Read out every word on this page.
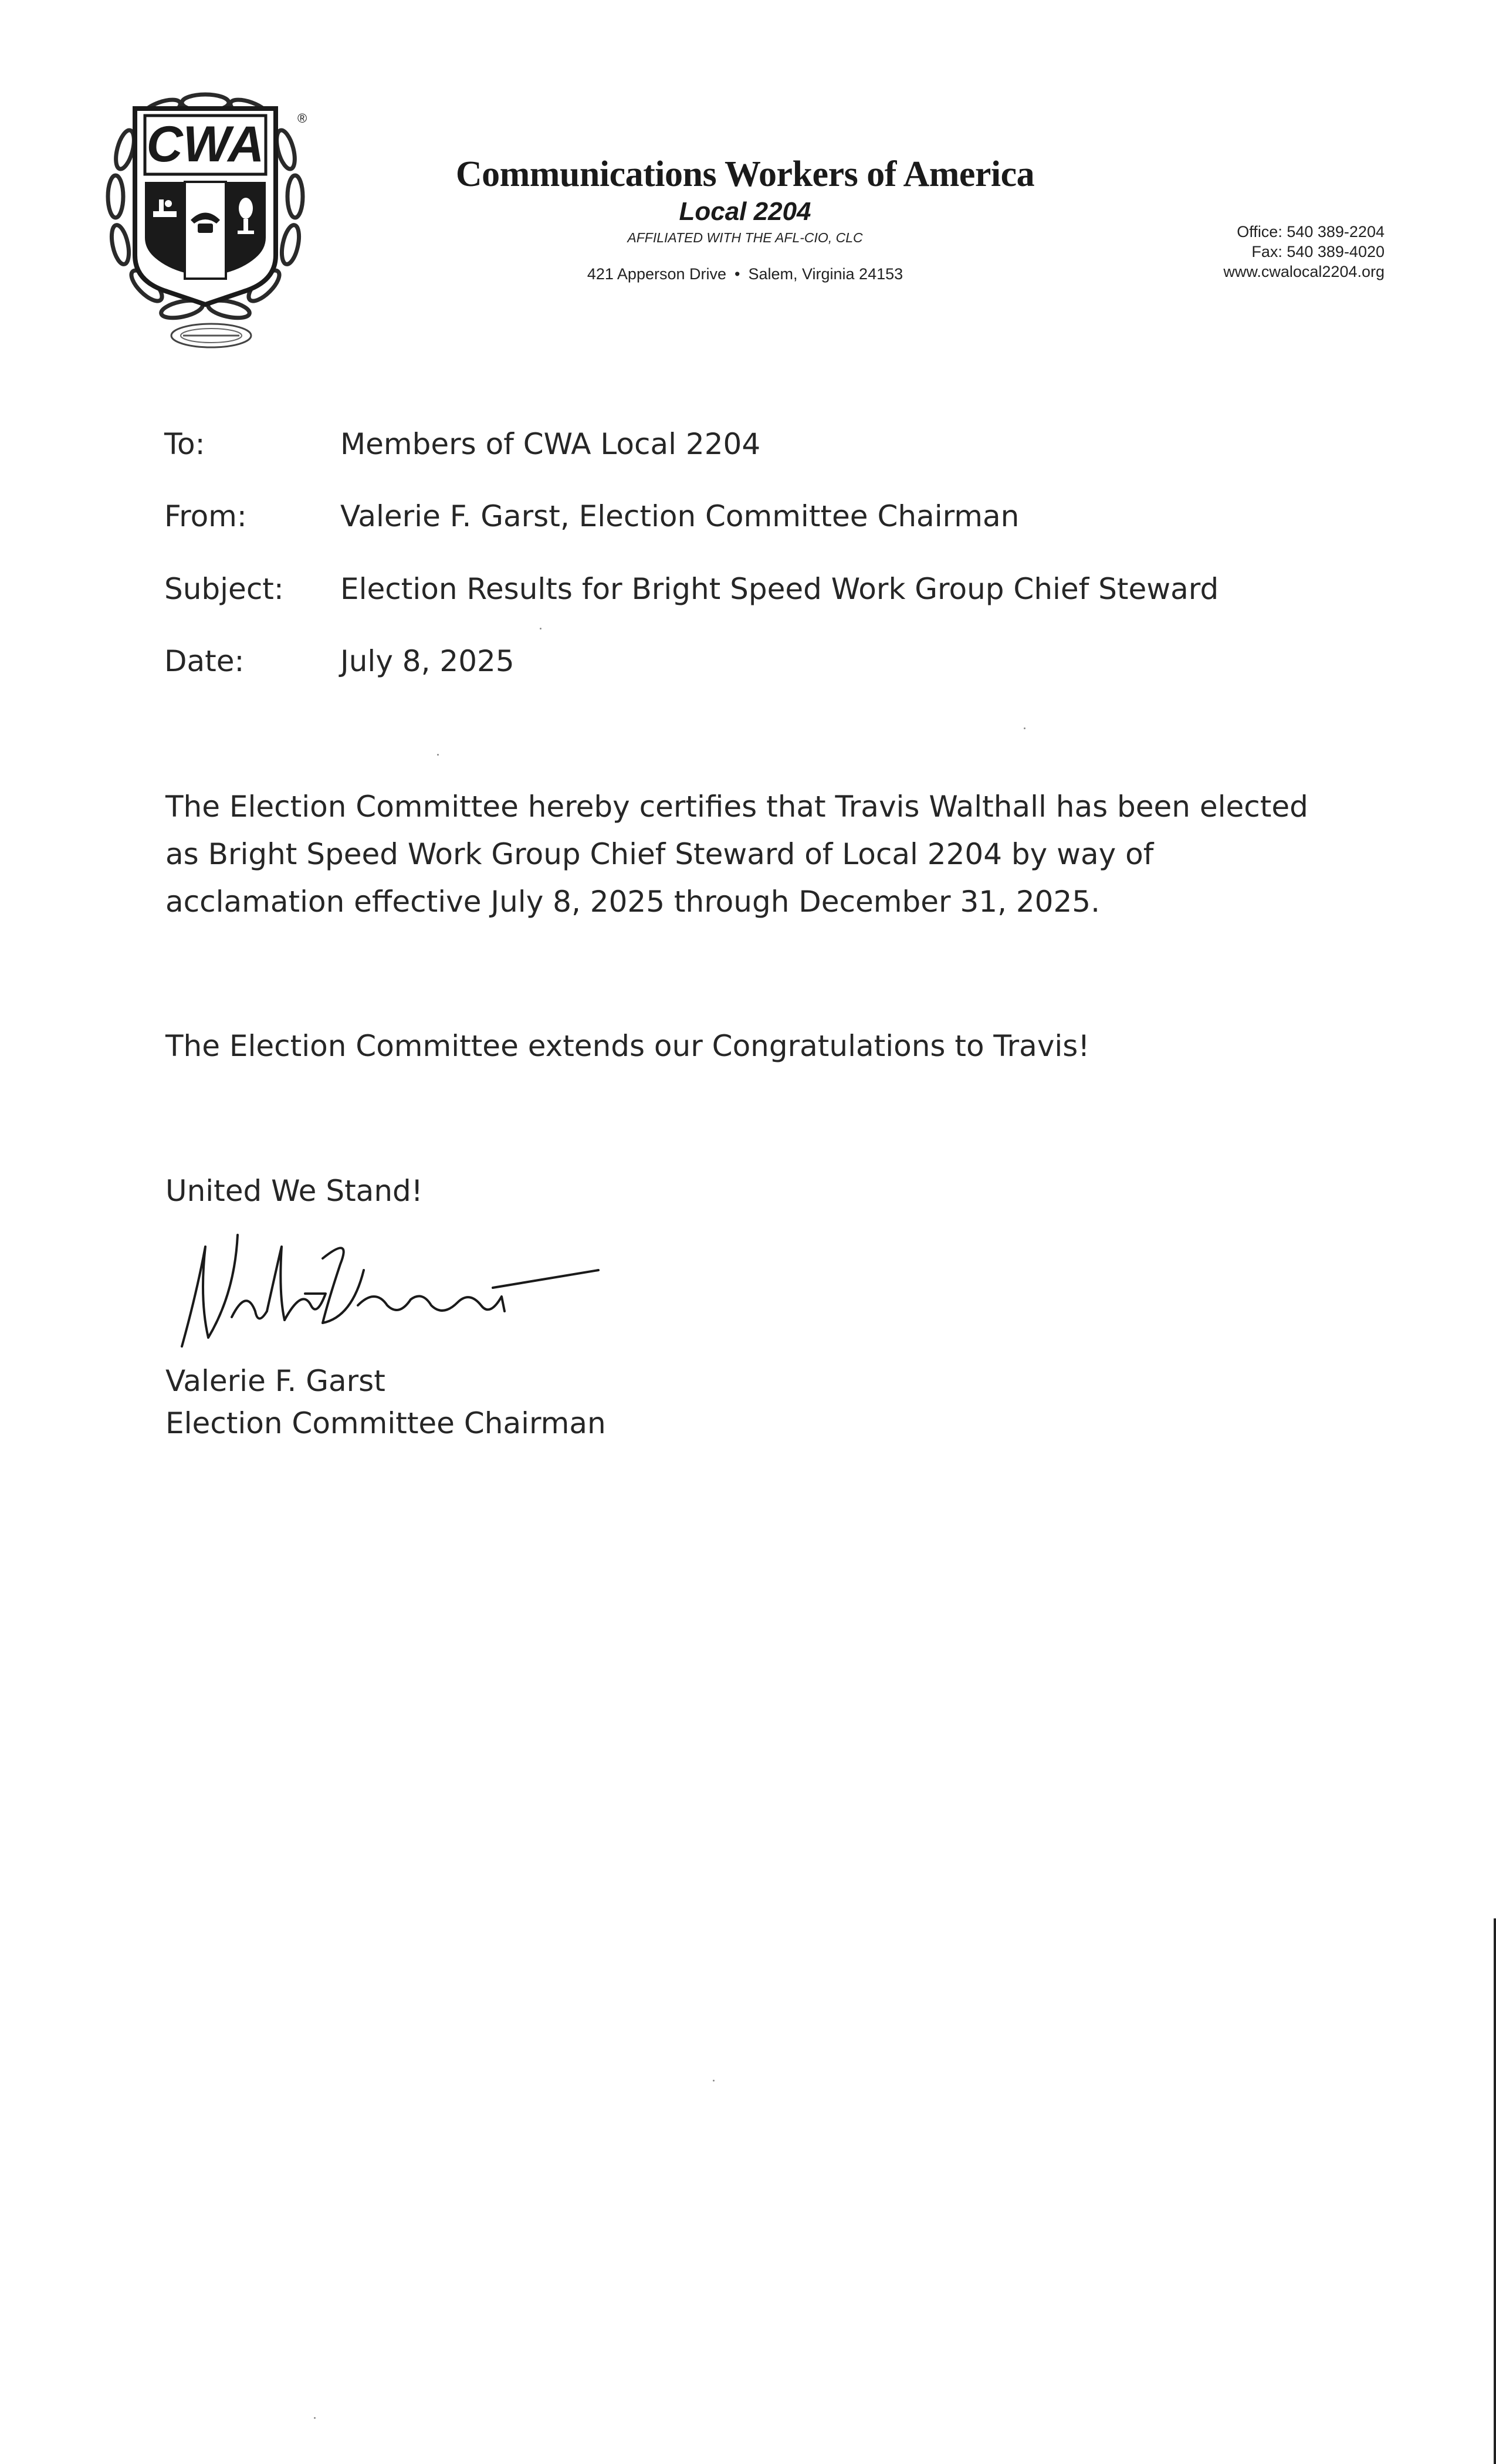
CWA	®
Communications Workers of America
Local 2204
AFFILIATED WITH THE AFL-CIO, CLC
421 Apperson Drive • Salem, Virginia 24153
Office: 540 389-2204
Fax: 540 389-4020
www.cwalocal2204.org
To:	Members of CWA Local 2204
From:	Valerie F. Garst, Election Committee Chairman
Subject: Election Results for Bright Speed Work Group Chief Steward
Date:	July 8, 2025
The Election Committee hereby certifies that Travis Walthall has been elected as Bright Speed Work Group Chief Steward of Local 2204 by way of acclamation effective July 8, 2025 through December 31, 2025.
The Election Committee extends our Congratulations to Travis!
United We Stand!
Valerie F. Garst
Election Committee Chairman
